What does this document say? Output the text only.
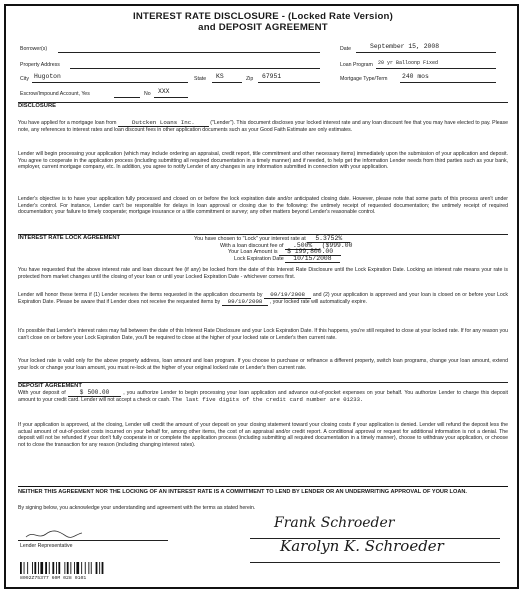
INTEREST RATE DISCLOSURE - (Locked Rate Version)
and DEPOSIT AGREEMENT
Borrower(s)	Date	September 15, 2008
Property Address	Loan Program 20 yr Balloonp Fixed
City Hugoton	State KS	Zip 67951	Mortgage Type/Term 240 mos
Escrow/Impound Account, Yes	No XXX
DISCLOSURE
You have applied for a mortgage loan from	Dutcken Loans Inc.	("Lender"). This document discloses your locked interest rate and any loan discount fee that you may have elected to pay. Please note, any references to interest rates and loan discount fees in other application documents such as your Good Faith Estimate are only estimates.
Lender will begin processing your application (which may include ordering an appraisal, credit report, title commitment and other necessary items) immediately upon the submission of your application and deposit. You agree to cooperate in the application process (including submitting all required documentation in a timely manner) and if needed, to help get the information Lender needs from third parties such as your bank, employer, current mortgage company, etc. In addition, you agree to notify Lender of any changes in any information submitted in connection with your application.
Lender's objective is to have your application fully processed and closed on or before the lock expiration date and/or anticipated closing date. However, please note that some parts of this process aren't under Lender's control. For instance, Lender can't be responsible for delays in loan approval or closing due to the following: the untimely receipt of requested documentation; the untimely receipt of required documentation; your failure to timely cooperate; mortgage insurance or a title commitment or survey; any other matters beyond Lender's reasonable control.
INTEREST RATE LOCK AGREEMENT	You have chosen to "Lock" your interest rate at 5.3752%
With a loan discount fee of .500% ($999.00
Your Loan Amount is $ 199,800.00
Lock Expiration Date 10/15/2008
You have requested that the above interest rate and loan discount fee (if any) be locked from the date of this Interest Rate Disclosure until the Lock Expiration Date. Locking an interest rate means your rate is protected from market changes until the closing of your loan or until your Locked Expiration Date - whichever comes first.
Lender will honor these terms if (1) Lender receives the items requested in the application documents by 09/19/2008 and (2) your application is approved and your loan is closed on or before your Lock Expiration Date. Please be aware that if Lender does not receive the requested items by 09/19/2008 , your locked rate will automatically expire.
It's possible that Lender's interest rates may fall between the date of this Interest Rate Disclosure and your Lock Expiration Date. If this happens, you're still required to close at your locked rate. If for any reason you can't close on or before your Lock Expiration Date, you'll be required to close at the higher of your locked rate or Lender's then current rate.
Your locked rate is valid only for the above property address, loan amount and loan program. If you choose to purchase or refinance a different property, switch loan programs, change your loan amount, extend your lock or change your loan amount, you must re-lock at the higher of your original locked rate or Lender's then current rate.
DEPOSIT AGREEMENT
With your deposit of $ 500.00	, you authorize Lender to begin processing your loan application and advance out-of-pocket expenses on your behalf. You authorize Lender to charge this deposit amount to your credit card. Lender will not accept a check or cash. The last five digits of the credit card number are 01233.
If your application is approved, at the closing, Lender will credit the amount of your deposit on your closing statement toward your closing costs if your application is denied. Lender will refund the deposit less the actual amount of out-of-pocket costs incurred on your behalf for, among other items, the cost of an appraisal and/or credit report. A conditional approval or request for additional information is not a denial. The deposit will not be refunded if your don't fully cooperate in or complete the application process (including submitting all required documentation in a timely manner), choose to withdraw your application, or choose not to close the transaction for any reason (including changing interest rates).
NEITHER THIS AGREEMENT NOR THE LOCKING OF AN INTEREST RATE IS A COMMITMENT TO LEND BY LENDER OR AN UNDERWRITING APPROVAL OF YOUR LOAN.
By signing below, you acknowledge your understanding and agreement with the terms as stated herein.
Lender Representative
Frank Schroeder
Karolyn K. Schroeder
8092Z75377 60M 028 0101
